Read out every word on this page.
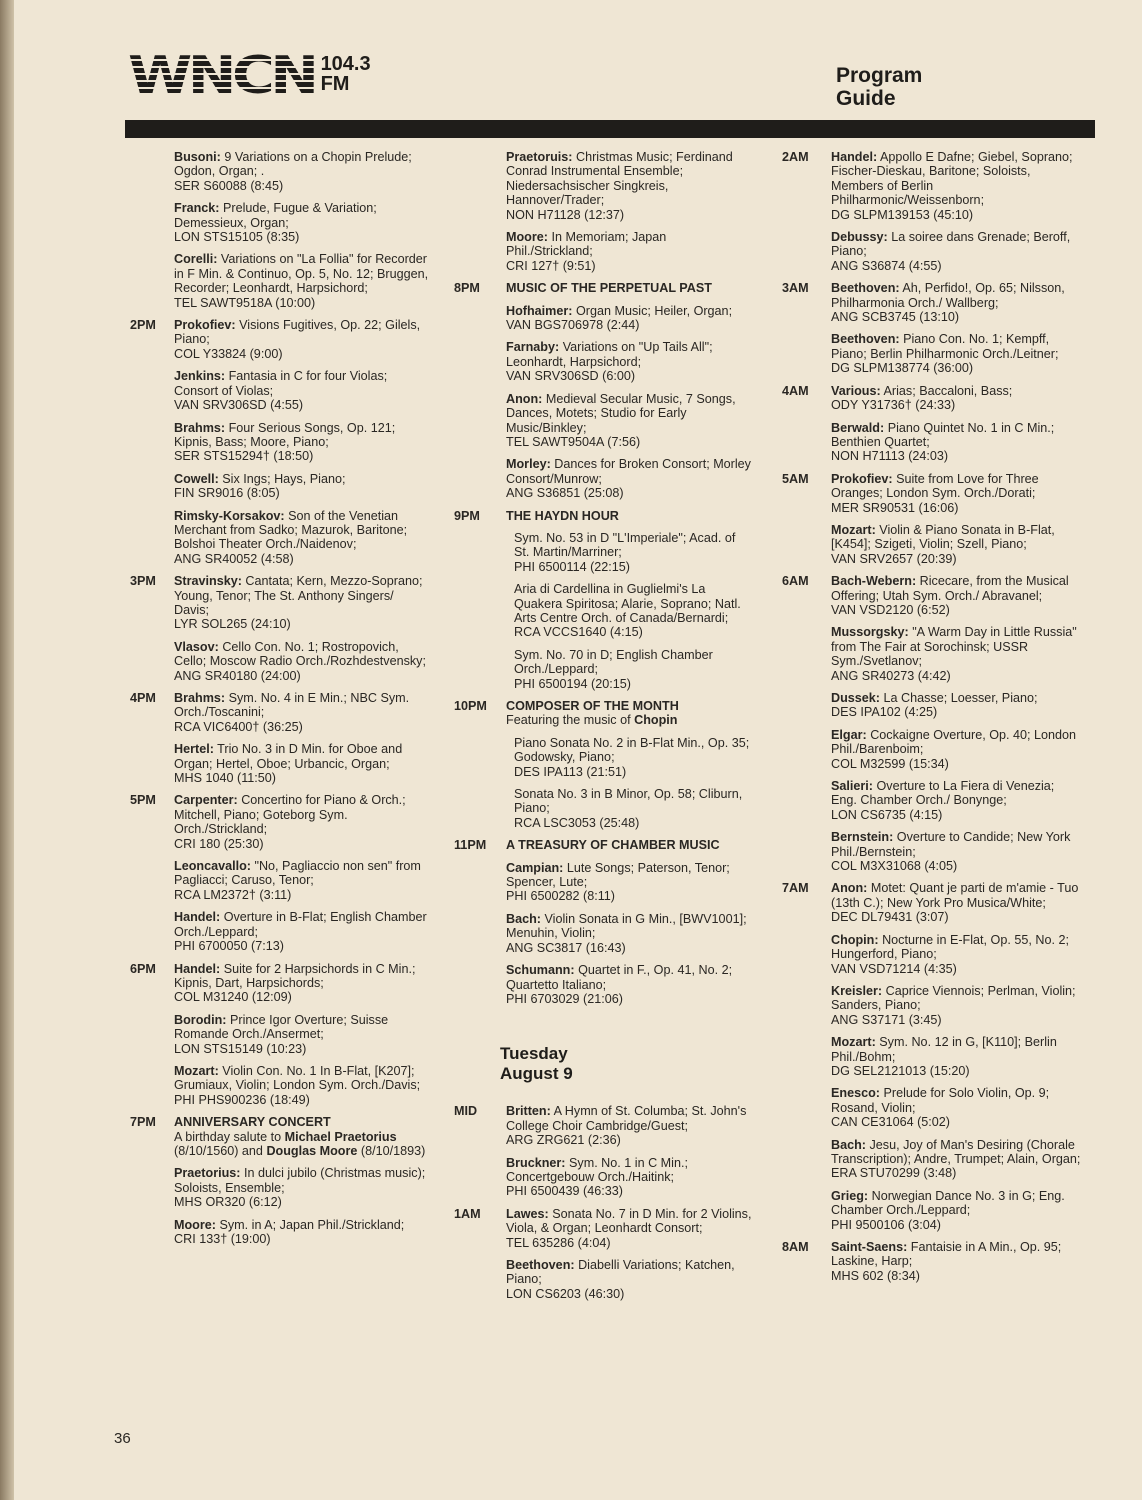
WNCN 104.3
FM	Program
Guide
Busoni: 9 Variations on a Chopin Prelude; Ogdon, Organ; .
SER S60088 (8:45)
Franck: Prelude, Fugue & Variation; Demessieux, Organ;
LON STS15105 (8:35)
Corelli: Variations on "La Follia" for Recorder in F Min. & Continuo, Op. 5, No. 12; Bruggen, Recorder; Leonhardt, Harpsichord;
TEL SAWT9518A (10:00)
2PM	Prokofiev: Visions Fugitives, Op. 22; Gilels, Piano;
COL Y33824 (9:00)
Jenkins: Fantasia in C for four Violas; Consort of Violas;
VAN SRV306SD (4:55)
Brahms: Four Serious Songs, Op. 121; Kipnis, Bass; Moore, Piano;
SER STS15294† (18:50)
Cowell: Six Ings; Hays, Piano;
FIN SR9016 (8:05)
Rimsky-Korsakov: Son of the Venetian Merchant from Sadko; Mazurok, Baritone; Bolshoi Theater Orch./Naidenov;
ANG SR40052 (4:58)
3PM	Stravinsky: Cantata; Kern, Mezzo-Soprano; Young, Tenor; The St. Anthony Singers/ Davis;
LYR SOL265 (24:10)
Vlasov: Cello Con. No. 1; Rostropovich, Cello; Moscow Radio Orch./Rozhdestvensky;
ANG SR40180 (24:00)
4PM	Brahms: Sym. No. 4 in E Min.; NBC Sym. Orch./Toscanini;
RCA VIC6400† (36:25)
Hertel: Trio No. 3 in D Min. for Oboe and Organ; Hertel, Oboe; Urbancic, Organ;
MHS 1040 (11:50)
5PM	Carpenter: Concertino for Piano & Orch.; Mitchell, Piano; Goteborg Sym. Orch./Strickland;
CRI 180 (25:30)
Leoncavallo: "No, Pagliaccio non sen" from Pagliacci; Caruso, Tenor;
RCA LM2372† (3:11)
Handel: Overture in B-Flat; English Chamber Orch./Leppard;
PHI 6700050 (7:13)
6PM	Handel: Suite for 2 Harpsichords in C Min.; Kipnis, Dart, Harpsichords;
COL M31240 (12:09)
Borodin: Prince Igor Overture; Suisse Romande Orch./Ansermet;
LON STS15149 (10:23)
Mozart: Violin Con. No. 1 In B-Flat, [K207]; Grumiaux, Violin; London Sym. Orch./Davis;
PHI PHS900236 (18:49)
7PM	ANNIVERSARY CONCERT
A birthday salute to Michael Praetorius (8/10/1560) and Douglas Moore (8/10/1893)
Praetorius: In dulci jubilo (Christmas music); Soloists, Ensemble;
MHS OR320 (6:12)
Moore: Sym. in A; Japan Phil./Strickland;
CRI 133† (19:00)
Praetoruis: Christmas Music; Ferdinand Conrad Instrumental Ensemble; Niedersachsischer Singkreis, Hannover/Trader;
NON H71128 (12:37)
Moore: In Memoriam; Japan Phil./Strickland;
CRI 127† (9:51)
8PM	MUSIC OF THE PERPETUAL PAST
Hofhaimer: Organ Music; Heiler, Organ;
VAN BGS706978 (2:44)
Farnaby: Variations on "Up Tails All"; Leonhardt, Harpsichord;
VAN SRV306SD (6:00)
Anon: Medieval Secular Music, 7 Songs, Dances, Motets; Studio for Early Music/Binkley;
TEL SAWT9504A (7:56)
Morley: Dances for Broken Consort; Morley Consort/Munrow;
ANG S36851 (25:08)
9PM	THE HAYDN HOUR
Sym. No. 53 in D "L'Imperiale"; Acad. of St. Martin/Marriner;
PHI 6500114 (22:15)
Aria di Cardellina in Guglielmi's La Quakera Spiritosa; Alarie, Soprano; Natl. Arts Centre Orch. of Canada/Bernardi;
RCA VCCS1640 (4:15)
Sym. No. 70 in D; English Chamber Orch./Leppard;
PHI 6500194 (20:15)
10PM	COMPOSER OF THE MONTH
Featuring the music of Chopin
Piano Sonata No. 2 in B-Flat Min., Op. 35; Godowsky, Piano;
DES IPA113 (21:51)
Sonata No. 3 in B Minor, Op. 58; Cliburn, Piano;
RCA LSC3053 (25:48)
11PM	A TREASURY OF CHAMBER MUSIC
Campian: Lute Songs; Paterson, Tenor; Spencer, Lute;
PHI 6500282 (8:11)
Bach: Violin Sonata in G Min., [BWV1001]; Menuhin, Violin;
ANG SC3817 (16:43)
Schumann: Quartet in F., Op. 41, No. 2; Quartetto Italiano;
PHI 6703029 (21:06)
Tuesday
August 9
MID	Britten: A Hymn of St. Columba; St. John's College Choir Cambridge/Guest;
ARG ZRG621 (2:36)
Bruckner: Sym. No. 1 in C Min.; Concertgebouw Orch./Haitink;
PHI 6500439 (46:33)
1AM	Lawes: Sonata No. 7 in D Min. for 2 Violins, Viola, & Organ; Leonhardt Consort;
TEL 635286 (4:04)
Beethoven: Diabelli Variations; Katchen, Piano;
LON CS6203 (46:30)
2AM	Handel: Appollo E Dafne; Giebel, Soprano; Fischer-Dieskau, Baritone; Soloists, Members of Berlin Philharmonic/Weissenborn;
DG SLPM139153 (45:10)
Debussy: La soiree dans Grenade; Beroff, Piano;
ANG S36874 (4:55)
3AM	Beethoven: Ah, Perfido!, Op. 65; Nilsson, Philharmonia Orch./ Wallberg;
ANG SCB3745 (13:10)
Beethoven: Piano Con. No. 1; Kempff, Piano; Berlin Philharmonic Orch./Leitner;
DG SLPM138774 (36:00)
4AM	Various: Arias; Baccaloni, Bass;
ODY Y31736† (24:33)
Berwald: Piano Quintet No. 1 in C Min.; Benthien Quartet;
NON H71113 (24:03)
5AM	Prokofiev: Suite from Love for Three Oranges; London Sym. Orch./Dorati;
MER SR90531 (16:06)
Mozart: Violin & Piano Sonata in B-Flat, [K454]; Szigeti, Violin; Szell, Piano;
VAN SRV2657 (20:39)
6AM	Bach-Webern: Ricecare, from the Musical Offering; Utah Sym. Orch./ Abravanel;
VAN VSD2120 (6:52)
Mussorgsky: "A Warm Day in Little Russia" from The Fair at Sorochinsk; USSR Sym./Svetlanov;
ANG SR40273 (4:42)
Dussek: La Chasse; Loesser, Piano;
DES IPA102 (4:25)
Elgar: Cockaigne Overture, Op. 40; London Phil./Barenboim;
COL M32599 (15:34)
Salieri: Overture to La Fiera di Venezia; Eng. Chamber Orch./ Bonynge;
LON CS6735 (4:15)
Bernstein: Overture to Candide; New York Phil./Bernstein;
COL M3X31068 (4:05)
7AM	Anon: Motet: Quant je parti de m'amie - Tuo (13th C.); New York Pro Musica/White;
DEC DL79431 (3:07)
Chopin: Nocturne in E-Flat, Op. 55, No. 2; Hungerford, Piano;
VAN VSD71214 (4:35)
Kreisler: Caprice Viennois; Perlman, Violin; Sanders, Piano;
ANG S37171 (3:45)
Mozart: Sym. No. 12 in G, [K110]; Berlin Phil./Bohm;
DG SEL2121013 (15:20)
Enesco: Prelude for Solo Violin, Op. 9; Rosand, Violin;
CAN CE31064 (5:02)
Bach: Jesu, Joy of Man's Desiring (Chorale Transcription); Andre, Trumpet; Alain, Organ;
ERA STU70299 (3:48)
Grieg: Norwegian Dance No. 3 in G; Eng. Chamber Orch./Leppard;
PHI 9500106 (3:04)
8AM	Saint-Saens: Fantaisie in A Min., Op. 95; Laskine, Harp;
MHS 602 (8:34)
36
